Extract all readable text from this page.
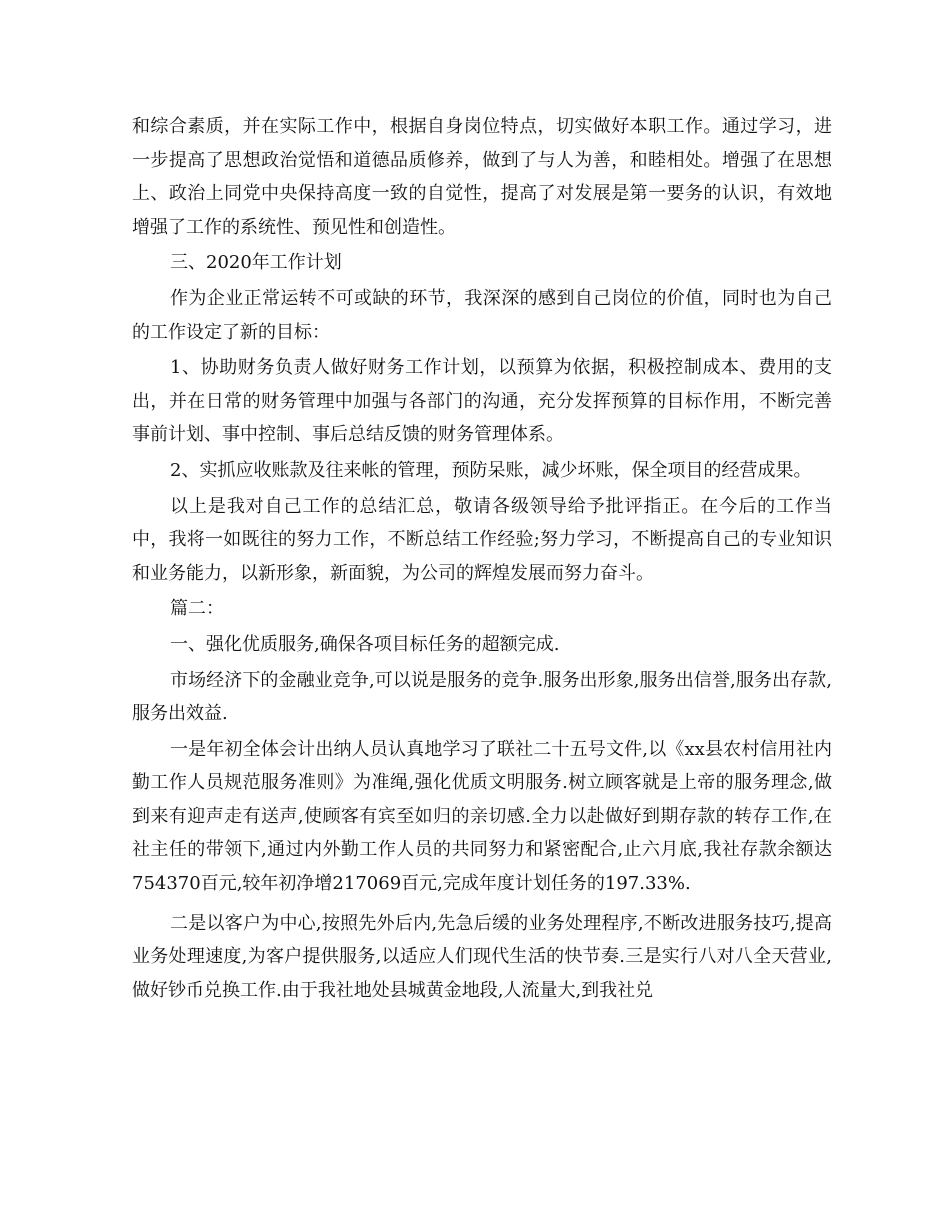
和综合素质，并在实际工作中，根据自身岗位特点，切实做好本职工作。通过学习，进一步提高了思想政治觉悟和道德品质修养，做到了与人为善，和睦相处。增强了在思想上、政治上同党中央保持高度一致的自觉性，提高了对发展是第一要务的认识，有效地增强了工作的系统性、预见性和创造性。

三、2020年工作计划

作为企业正常运转不可或缺的环节，我深深的感到自己岗位的价值，同时也为自己的工作设定了新的目标：

1、协助财务负责人做好财务工作计划，以预算为依据，积极控制成本、费用的支出，并在日常的财务管理中加强与各部门的沟通，充分发挥预算的目标作用，不断完善事前计划、事中控制、事后总结反馈的财务管理体系。

2、实抓应收账款及往来帐的管理，预防呆账，减少坏账，保全项目的经营成果。

以上是我对自己工作的总结汇总，敬请各级领导给予批评指正。在今后的工作当中，我将一如既往的努力工作，不断总结工作经验;努力学习，不断提高自己的专业知识和业务能力，以新形象，新面貌，为公司的辉煌发展而努力奋斗。

篇二：

一、强化优质服务,确保各项目标任务的超额完成.

市场经济下的金融业竞争,可以说是服务的竞争.服务出形象,服务出信誉,服务出存款,服务出效益.

一是年初全体会计出纳人员认真地学习了联社二十五号文件,以《xx县农村信用社内勤工作人员规范服务准则》为准绳,强化优质文明服务.树立顾客就是上帝的服务理念,做到来有迎声走有送声,使顾客有宾至如归的亲切感.全力以赴做好到期存款的转存工作,在社主任的带领下,通过内外勤工作人员的共同努力和紧密配合,止六月底,我社存款余额达754370百元,较年初净增217069百元,完成年度计划任务的197.33%.

二是以客户为中心,按照先外后内,先急后缓的业务处理程序,不断改进服务技巧,提高业务处理速度,为客户提供服务,以适应人们现代生活的快节奏.三是实行八对八全天营业,做好钞币兑换工作.由于我社地处县城黄金地段,人流量大,到我社兑
